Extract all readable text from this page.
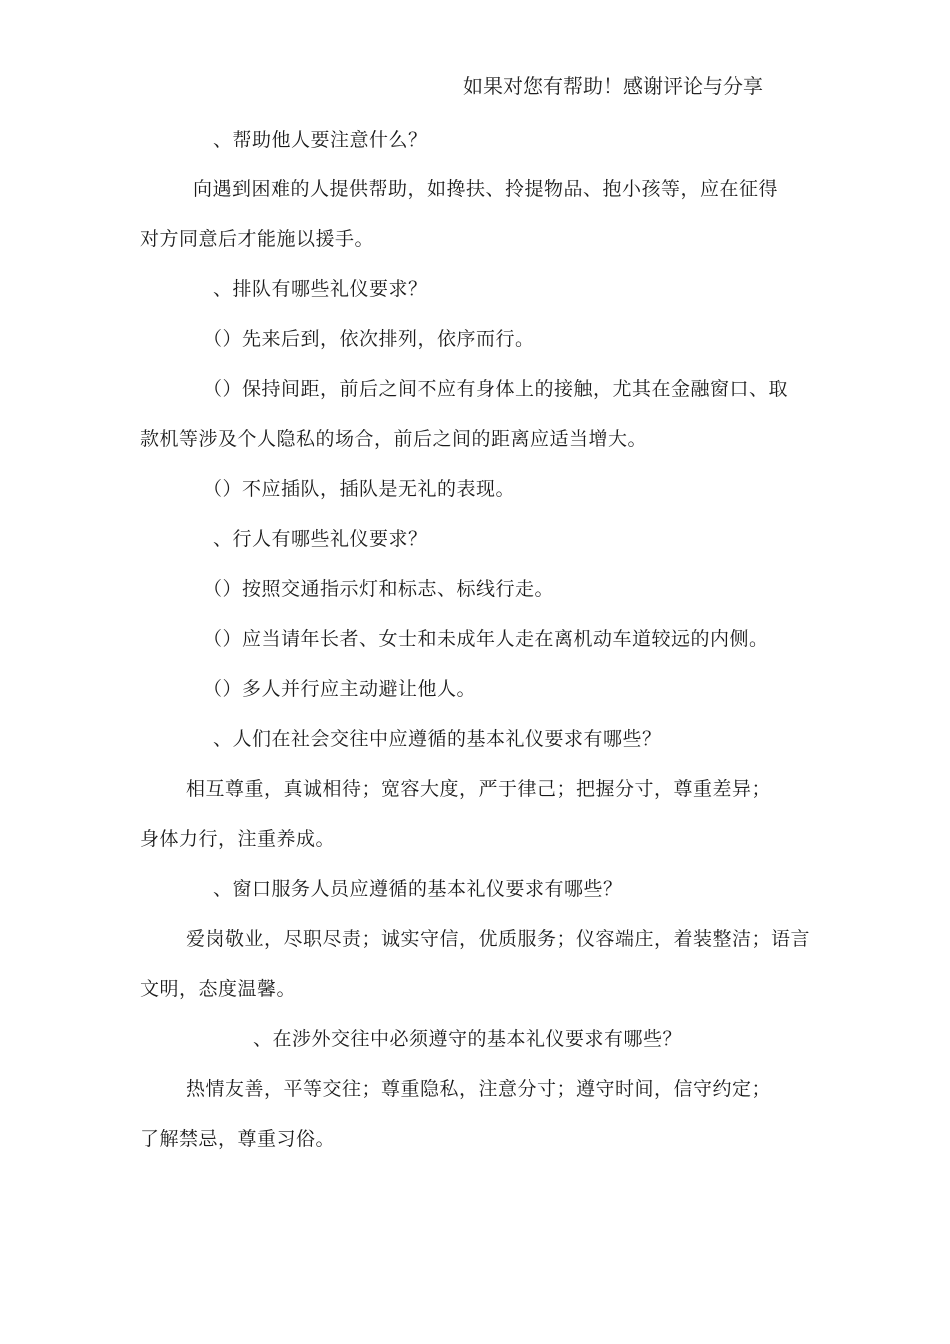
如果对您有帮助！感谢评论与分享
、帮助他人要注意什么？
向遇到困难的人提供帮助，如搀扶、拎提物品、抱小孩等，应在征得
对方同意后才能施以援手。
、排队有哪些礼仪要求？
（）先来后到，依次排列，依序而行。
（）保持间距，前后之间不应有身体上的接触，尤其在金融窗口、取
款机等涉及个人隐私的场合，前后之间的距离应适当增大。
（）不应插队，插队是无礼的表现。
、行人有哪些礼仪要求？
（）按照交通指示灯和标志、标线行走。
（）应当请年长者、女士和未成年人走在离机动车道较远的内侧。
（）多人并行应主动避让他人。
、人们在社会交往中应遵循的基本礼仪要求有哪些？
相互尊重，真诚相待；宽容大度，严于律己；把握分寸，尊重差异；
身体力行，注重养成。
、窗口服务人员应遵循的基本礼仪要求有哪些？
爱岗敬业，尽职尽责；诚实守信，优质服务；仪容端庄，着装整洁；语言
文明，态度温馨。
、在涉外交往中必须遵守的基本礼仪要求有哪些？
热情友善，平等交往；尊重隐私，注意分寸；遵守时间，信守约定；
了解禁忌，尊重习俗。
